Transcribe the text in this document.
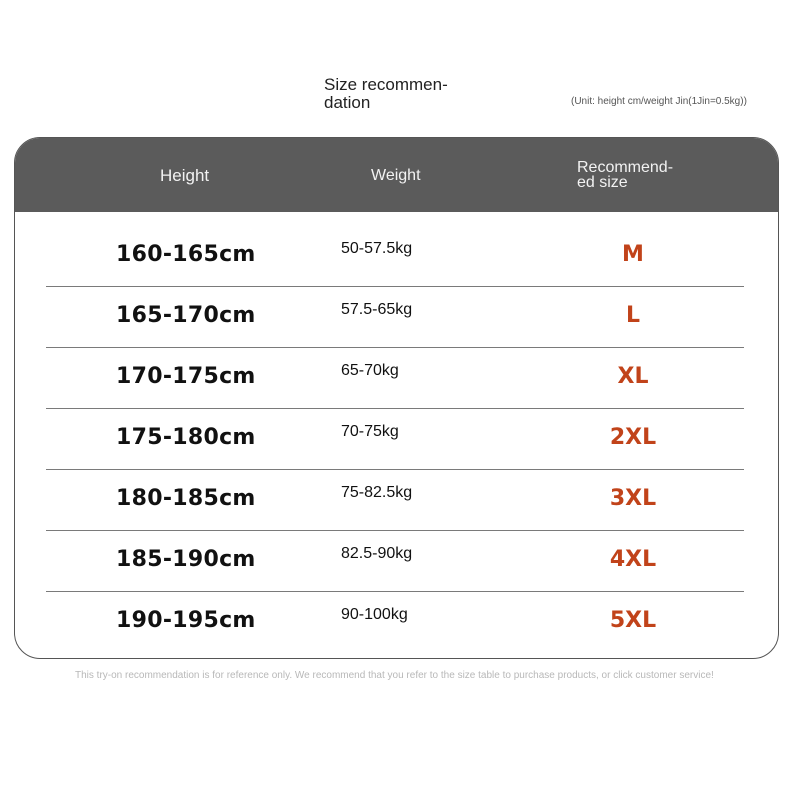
Size recommen-
dation	(Unit: height cm/weight Jin(1Jin=0.5kg))
Height	Weight	Recommend-
ed size
160-165cm	50-57.5kg	M
165-170cm	57.5-65kg	L
170-175cm	65-70kg	XL
175-180cm	70-75kg	2XL
180-185cm	75-82.5kg	3XL
185-190cm	82.5-90kg	4XL
190-195cm	90-100kg	5XL
This try-on recommendation is for reference only. We recommend that you refer to the size table to purchase products, or click customer service!
